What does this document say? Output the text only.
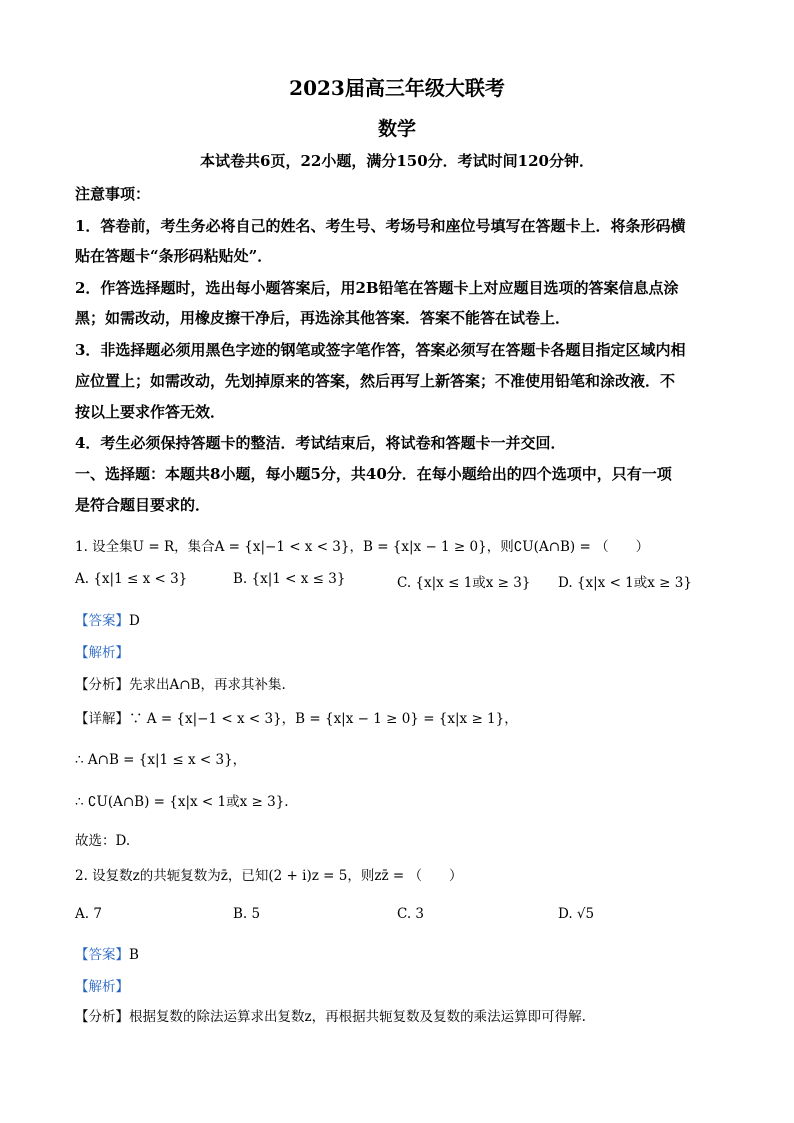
2023届高三年级大联考
数学
本试卷共6页，22小题，满分150分．考试时间120分钟．
注意事项：
1．答卷前，考生务必将自己的姓名、考生号、考场号和座位号填写在答题卡上．将条形码横
贴在答题卡“条形码粘贴处”．
2．作答选择题时，选出每小题答案后，用2B铅笔在答题卡上对应题目选项的答案信息点涂
黑；如需改动，用橡皮擦干净后，再选涂其他答案．答案不能答在试卷上．
3．非选择题必须用黑色字迹的钢笔或签字笔作答，答案必须写在答题卡各题目指定区域内相
应位置上；如需改动，先划掉原来的答案，然后再写上新答案；不准使用铅笔和涂改液．不
按以上要求作答无效．
4．考生必须保持答题卡的整洁．考试结束后，将试卷和答题卡一并交回．
一、选择题：本题共8小题，每小题5分，共40分．在每小题给出的四个选项中，只有一项
是符合题目要求的．
1. 设全集U = R，集合A = {x|−1 < x < 3}，B = {x|x − 1 ≥ 0}，则∁U(A∩B) = （　　）
A. {x|1 ≤ x < 3}	B. {x|1 < x ≤ 3}	C. {x|x ≤ 1或x ≥ 3} D. {x|x < 1或x ≥ 3}
【答案】D
【解析】
【分析】先求出A∩B，再求其补集.
【详解】∵ A = {x|−1 < x < 3}，B = {x|x − 1 ≥ 0} = {x|x ≥ 1}，
∴ A∩B = {x|1 ≤ x < 3}，
∴ ∁U(A∩B) = {x|x < 1或x ≥ 3}.
故选：D.
2. 设复数z的共轭复数为z̄，已知(2 + i)z = 5，则zz̄ = （　　）
A. 7	B. 5	C. 3	D. √5
【答案】B
【解析】
【分析】根据复数的除法运算求出复数z，再根据共轭复数及复数的乘法运算即可得解.
